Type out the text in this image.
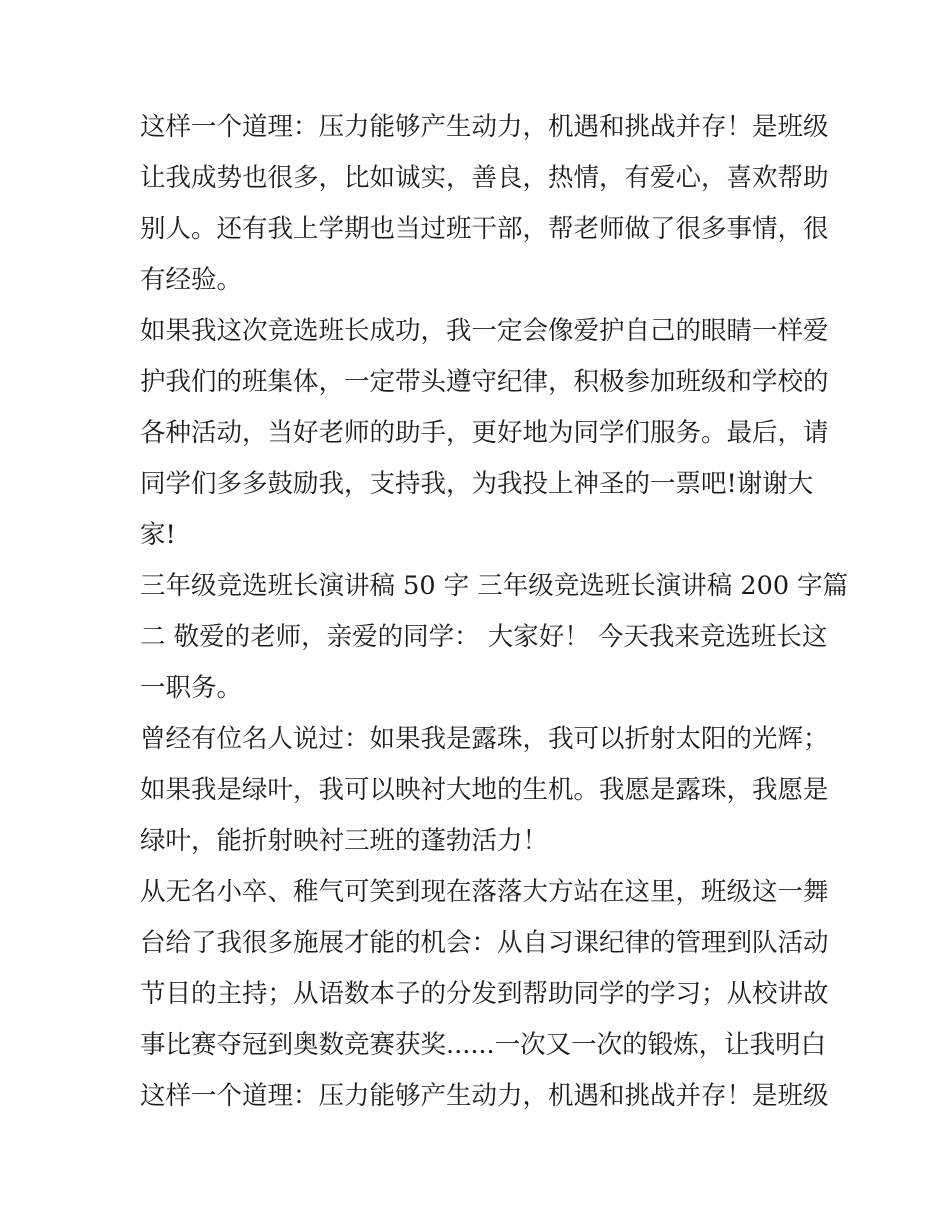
这样一个道理：压力能够产生动力，机遇和挑战并存！是班级
让我成势也很多，比如诚实，善良，热情，有爱心，喜欢帮助
别人。还有我上学期也当过班干部，帮老师做了很多事情，很
有经验。
如果我这次竞选班长成功，我一定会像爱护自己的眼睛一样爱
护我们的班集体，一定带头遵守纪律，积极参加班级和学校的
各种活动，当好老师的助手，更好地为同学们服务。最后，请
同学们多多鼓励我，支持我，为我投上神圣的一票吧!谢谢大
家!
三年级竞选班长演讲稿 50 字 三年级竞选班长演讲稿 200 字篇
二 敬爱的老师，亲爱的同学： 大家好！ 今天我来竞选班长这
一职务。
曾经有位名人说过：如果我是露珠，我可以折射太阳的光辉；
如果我是绿叶，我可以映衬大地的生机。我愿是露珠，我愿是
绿叶，能折射映衬三班的蓬勃活力！
从无名小卒、稚气可笑到现在落落大方站在这里，班级这一舞
台给了我很多施展才能的机会：从自习课纪律的管理到队活动
节目的主持；从语数本子的分发到帮助同学的学习；从校讲故
事比赛夺冠到奥数竞赛获奖......一次又一次的锻炼，让我明白
这样一个道理：压力能够产生动力，机遇和挑战并存！是班级
